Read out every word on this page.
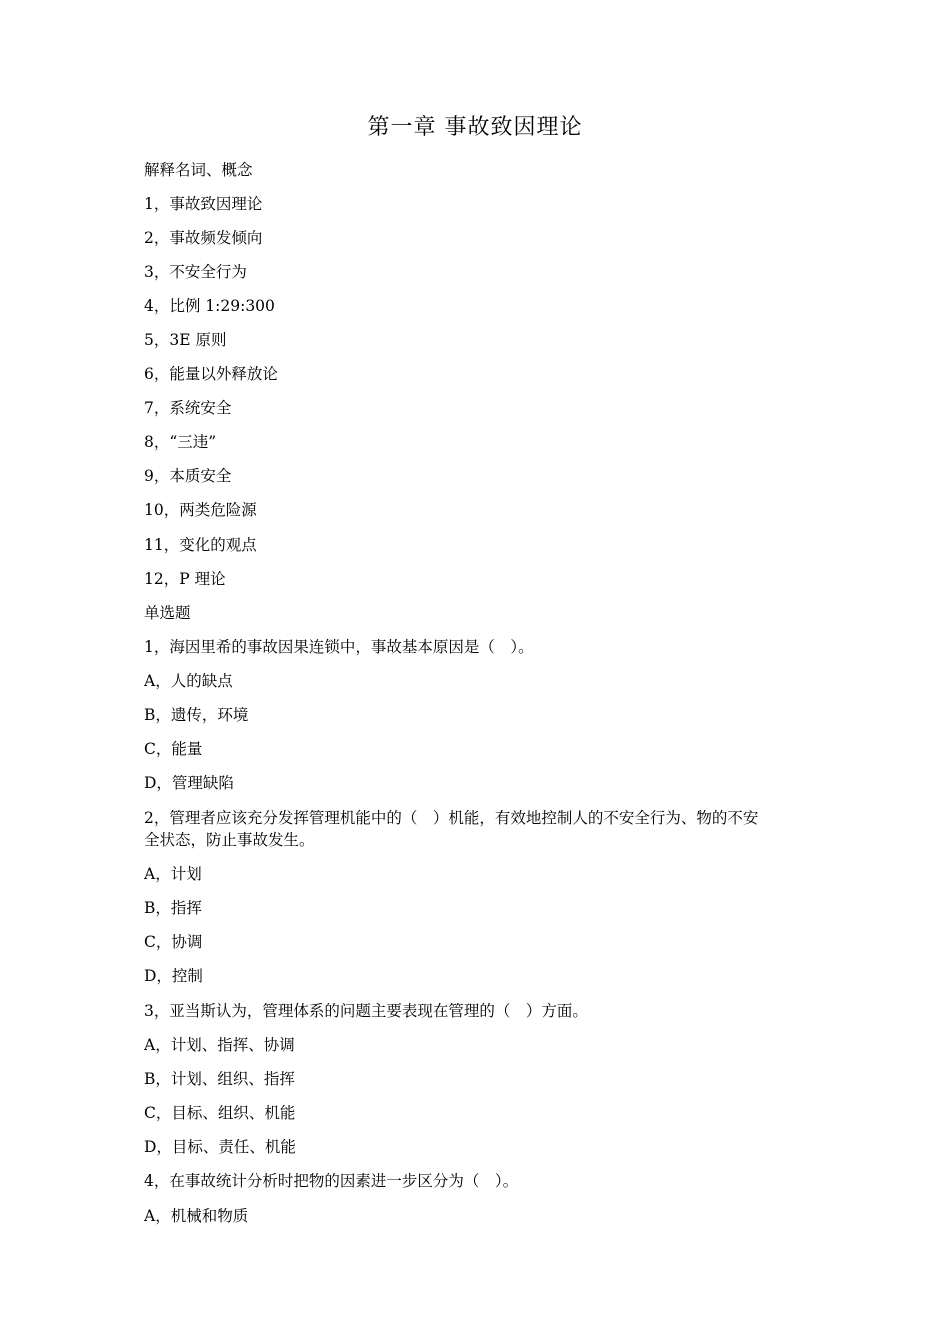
第一章 事故致因理论
解释名词、概念
1，事故致因理论
2，事故频发倾向
3，不安全行为
4，比例 1:29:300
5，3E 原则
6，能量以外释放论
7，系统安全
8，“三违”
9，本质安全
10，两类危险源
11，变化的观点
12，P 理论
单选题
1，海因里希的事故因果连锁中，事故基本原因是（　）。
A，人的缺点
B，遗传，环境
C，能量
D，管理缺陷
2，管理者应该充分发挥管理机能中的（　）机能，有效地控制人的不安全行为、物的不安
全状态，防止事故发生。
A，计划
B，指挥
C，协调
D，控制
3，亚当斯认为，管理体系的问题主要表现在管理的（　）方面。
A，计划、指挥、协调
B，计划、组织、指挥
C，目标、组织、机能
D，目标、责任、机能
4，在事故统计分析时把物的因素进一步区分为（　）。
A，机械和物质
